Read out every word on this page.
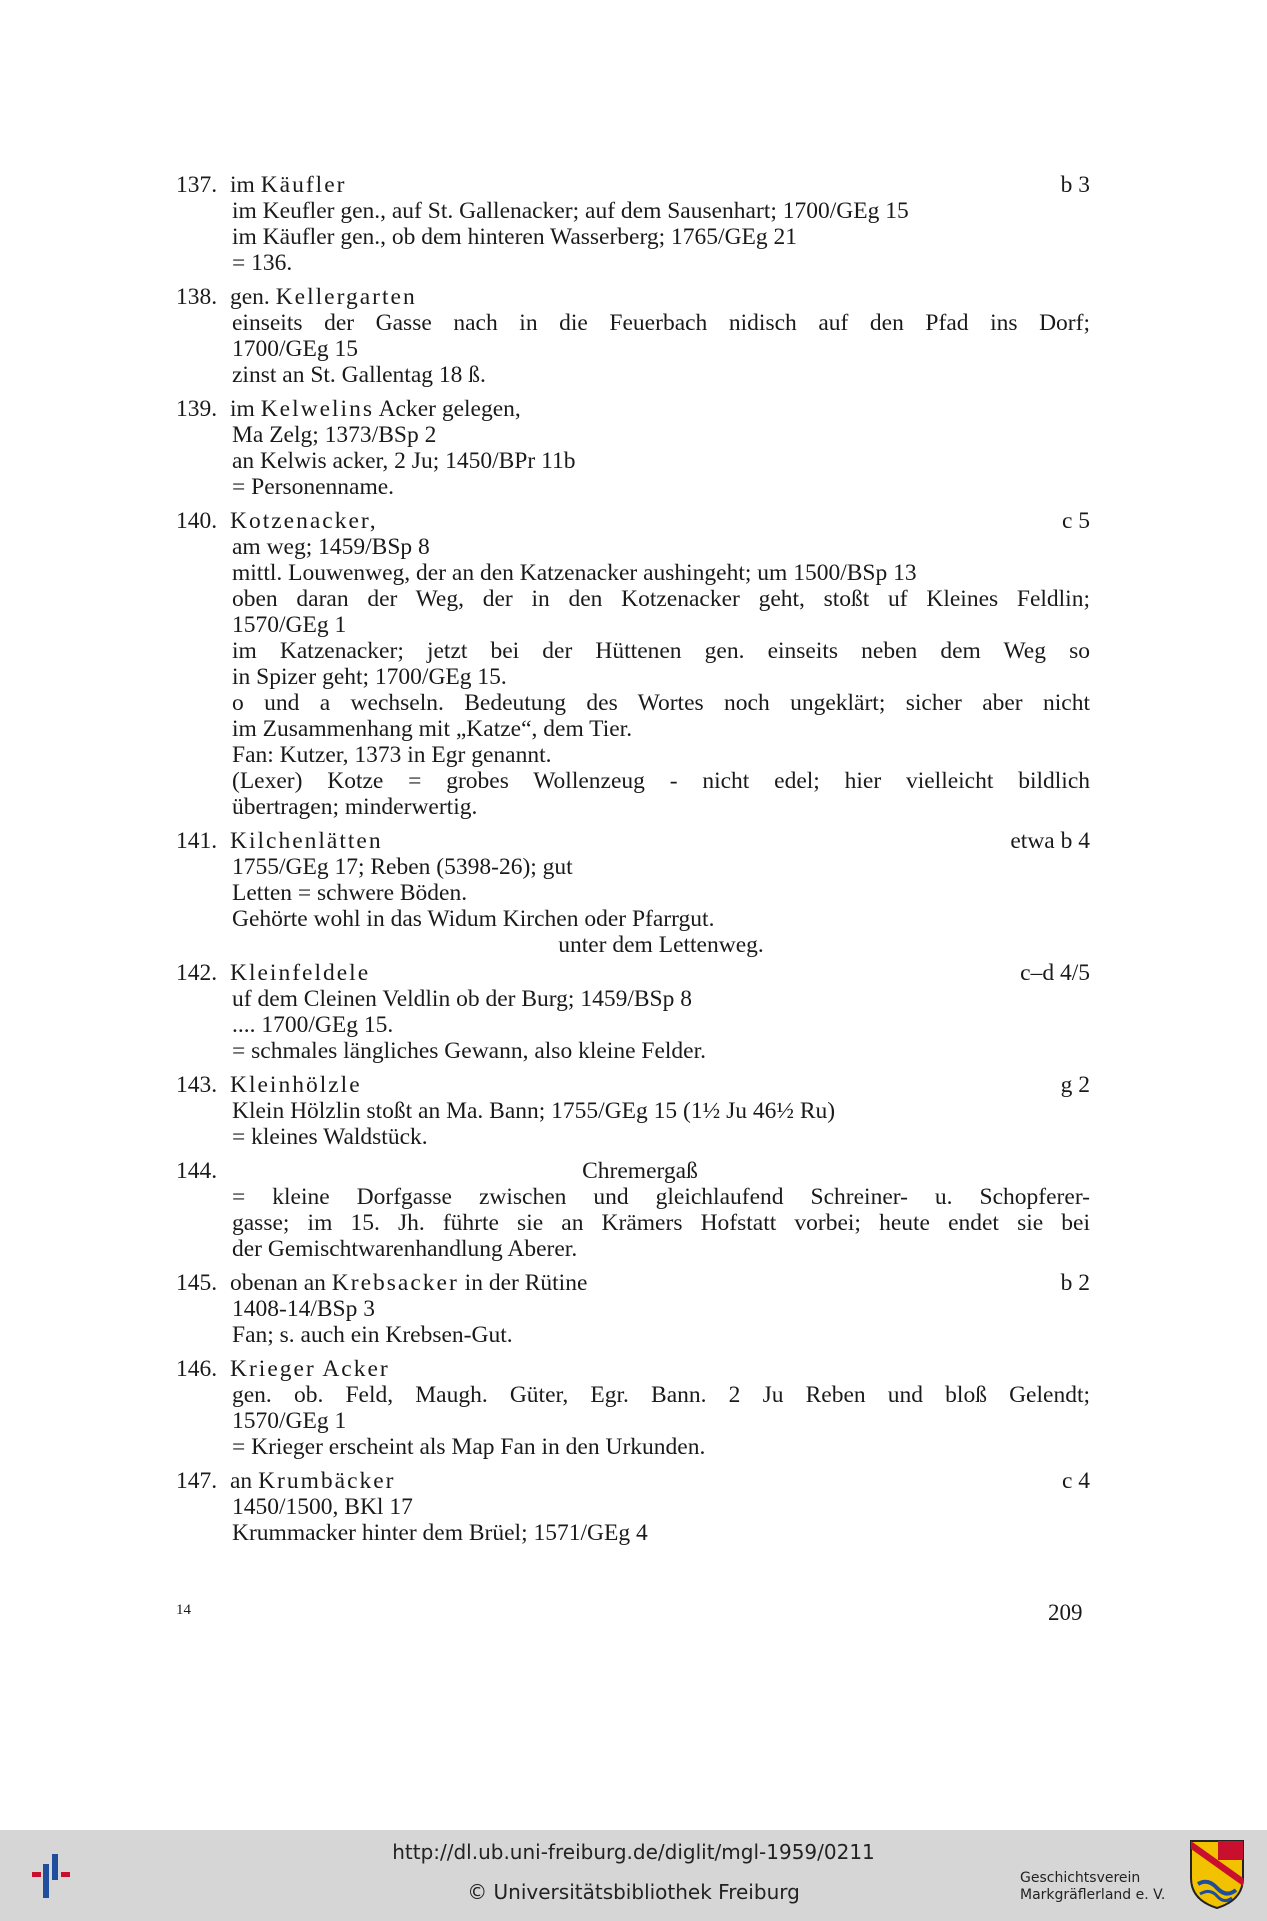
137. im Käufler	b 3
im Keufler gen., auf St. Gallenacker; auf dem Sausenhart; 1700/GEg 15
im Käufler gen., ob dem hinteren Wasserberg; 1765/GEg 21
= 136.
138. gen. Kellergarten
einseits der Gasse nach in die Feuerbach nidisch auf den Pfad ins Dorf;
1700/GEg 15
zinst an St. Gallentag 18 ß.
139. im Kelwelins Acker gelegen,
Ma Zelg; 1373/BSp 2
an Kelwis acker, 2 Ju; 1450/BPr 11b
= Personenname.
140. Kotzenacker,	c 5
am weg; 1459/BSp 8
mittl. Louwenweg, der an den Katzenacker aushingeht; um 1500/BSp 13
oben daran der Weg, der in den Kotzenacker geht, stoßt uf Kleines Feldlin;
1570/GEg 1
im Katzenacker; jetzt bei der Hüttenen gen. einseits neben dem Weg so
in Spizer geht; 1700/GEg 15.
o und a wechseln. Bedeutung des Wortes noch ungeklärt; sicher aber nicht
im Zusammenhang mit „Katze“, dem Tier.
Fan: Kutzer, 1373 in Egr genannt.
(Lexer) Kotze = grobes Wollenzeug - nicht edel; hier vielleicht bildlich
übertragen; minderwertig.
141. Kilchenlätten	etwa b 4
1755/GEg 17; Reben (5398-26); gut
Letten = schwere Böden.
Gehörte wohl in das Widum Kirchen oder Pfarrgut.
unter dem Lettenweg.
142. Kleinfeldele	c–d 4/5
uf dem Cleinen Veldlin ob der Burg; 1459/BSp 8
.... 1700/GEg 15.
= schmales längliches Gewann, also kleine Felder.
143. Kleinhölzle	g 2
Klein Hölzlin stoßt an Ma. Bann; 1755/GEg 15 (1½ Ju 46½ Ru)
= kleines Waldstück.
144.	Chremergaß
= kleine Dorfgasse zwischen und gleichlaufend Schreiner- u. Schopferer-
gasse; im 15. Jh. führte sie an Krämers Hofstatt vorbei; heute endet sie bei
der Gemischtwarenhandlung Aberer.
145. obenan an Krebsacker in der Rütine	b 2
1408-14/BSp 3
Fan; s. auch ein Krebsen-Gut.
146. Krieger Acker
gen. ob. Feld, Maugh. Güter, Egr. Bann. 2 Ju Reben und bloß Gelendt;
1570/GEg 1
= Krieger erscheint als Map Fan in den Urkunden.
147. an Krumbäcker	c 4
1450/1500, BKl 17
Krummacker hinter dem Brüel; 1571/GEg 4
14	209
http://dl.ub.uni-freiburg.de/diglit/mgl-1959/0211
© Universitätsbibliothek Freiburg
Geschichtsverein
Markgräflerland e. V.
